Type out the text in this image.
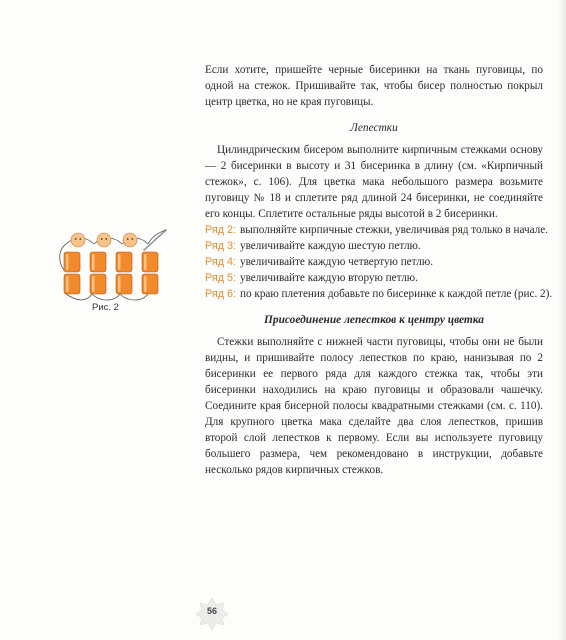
Если хотите, пришейте черные бисеринки на ткань пуговицы, по одной на стежок. Пришивайте так, чтобы бисер полностью покрыл центр цветка, но не края пуговицы.

Лепестки

Цилиндрическим бисером выполните кирпичным стежками основу — 2 бисеринки в высоту и 31 бисеринка в длину (см. «Кирпичный стежок», с. 106). Для цветка мака небольшого размера возьмите пуговицу № 18 и сплетите ряд длиной 24 бисеринки, не соединяйте его концы. Сплетите остальные ряды высотой в 2 бисеринки.

Ряд 2: выполняйте кирпичные стежки, увеличивая ряд только в начале.
Ряд 3: увеличивайте каждую шестую петлю.
Ряд 4: увеличивайте каждую четвертую петлю.
Ряд 5: увеличивайте каждую вторую петлю.
Ряд 6: по краю плетения добавьте по бисеринке к каждой петле (рис. 2).
Присоединение лепестков к центру цветка

Стежки выполняйте с нижней части пуговицы, чтобы они не были видны, и пришивайте полосу лепестков по краю, нанизывая по 2 бисеринки ее первого ряда для каждого стежка так, чтобы эти бисеринки находились на краю пуговицы и образовали чашечку. Соедините края бисерной полосы квадратными стежками (см. с. 110). Для крупного цветка мака сделайте два слоя лепестков, пришив второй слой лепестков к первому. Если вы используете пуговицу большего размера, чем рекомендовано в инструкции, добавьте несколько рядов кирпичных стежков.

Рис. 2
56
